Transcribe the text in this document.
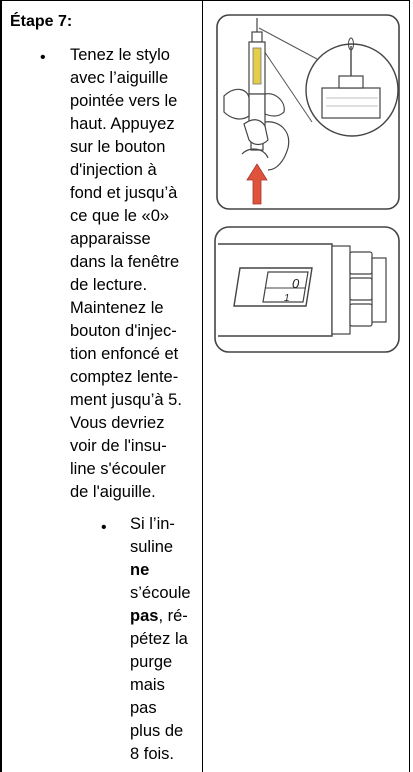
Étape 7:
• Tenez le stylo
avec l’aiguille
pointée vers le
haut. Appuyez
sur le bouton
d'injection à
fond et jusqu’à
ce que le «0»
apparaisse
dans la fenêtre
de lecture.
Maintenez le
bouton d'injec-
tion enfoncé et
comptez lente-
ment jusqu’à 5.
Vous devriez
voir de l'insu-
line s'écouler
de l'aiguille.
• Si l’in-
suline
ne
s’écoule
pas, ré-
pétez la
purge
mais
pas
plus de
8 fois.
0
1
